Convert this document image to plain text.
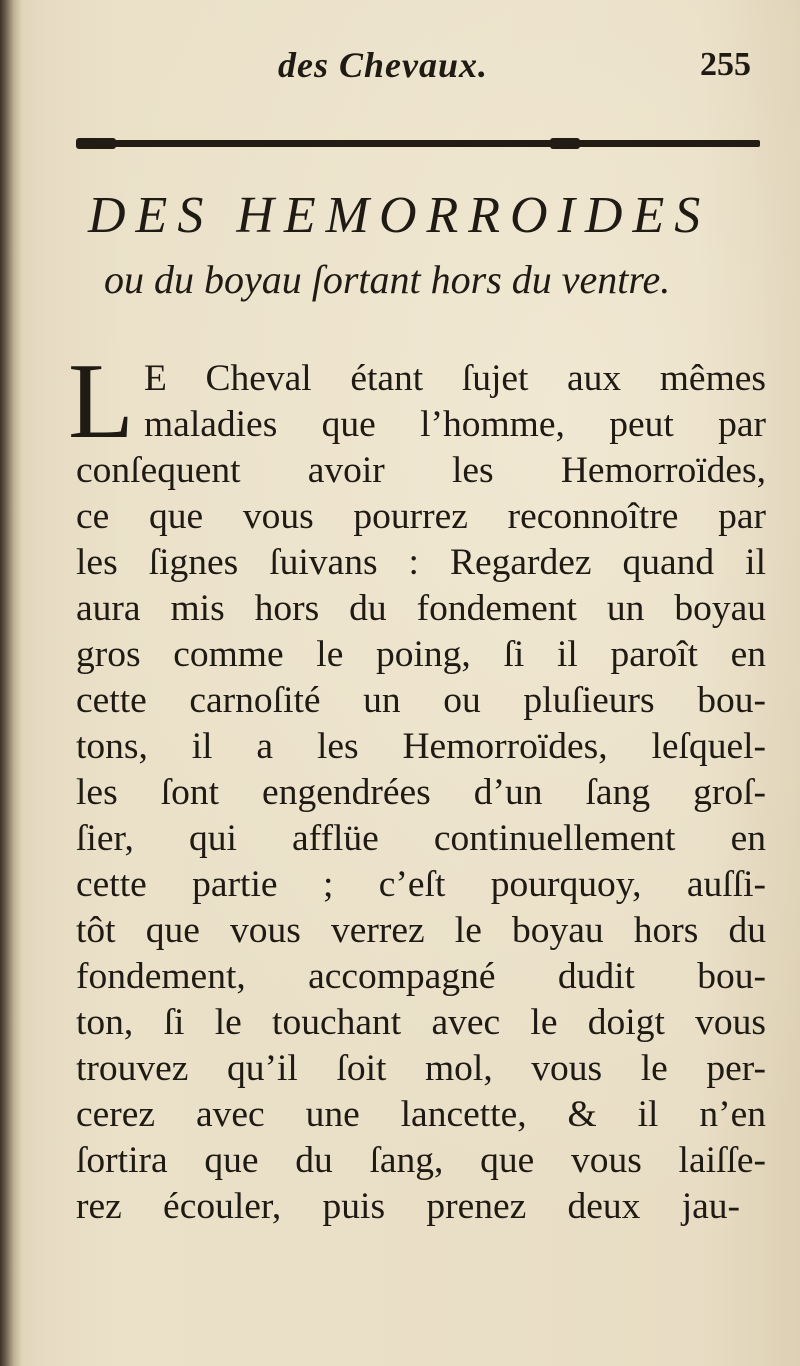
des Chevaux.	255
DES HEMORROIDES
ou du boyau ſortant hors du ventre.
L E Cheval étant ſujet aux mêmes
maladies que l’homme, peut par
conſequent avoir les Hemorroïdes,
ce que vous pourrez reconnoître par
les ſignes ſuivans : Regardez quand il
aura mis hors du fondement un boyau
gros comme le poing, ſi il paroît en
cette carnoſité un ou pluſieurs bou-
tons, il a les Hemorroïdes, leſquel-
les ſont engendrées d’un ſang groſ-
ſier, qui afflüe continuellement en
cette partie ; c’eſt pourquoy, auſſi-
tôt que vous verrez le boyau hors du
fondement, accompagné dudit bou-
ton, ſi le touchant avec le doigt vous
trouvez qu’il ſoit mol, vous le per-
cerez avec une lancette, & il n’en
ſortira que du ſang, que vous laiſſe-
rez écouler, puis prenez deux jau-
